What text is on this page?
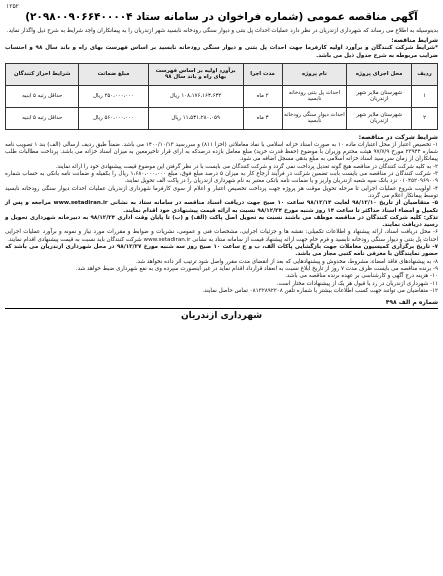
۱۲۵۲
آگهی مناقصه عمومی (شماره فراخوان در سامانه ستاد ۲۰۹۸۰۰۹۰۶۶۴۰۰۰۰۴)

بدینوسیله به اطلاع می رساند که شهرداری ازندریان در نظر دارد عملیات احداث پل بتنی و دیوار سنگی رودخانه نابسید شهر ازندریان را به پیمانکاران واجد شرایط به شرح ذیل واگذار نماید.

شرایط مناقصه:

*شرایط شرکت کنندگان و برآورد اولیه کارفرما جهت احداث پل بتنی و دیوار سنگی رودخانه نابسید بر اساس فهرست بهای راه و باند سال ۹۸ و احتساب ضرایب مربوطه به شرح جدول ذیل می باشد.

ردیف	محل اجرای پروژه	نام پروژه	مدت اجرا	برآورد اولیه بر اساس فهرست بهای راه و باند سال ۹۸	مبلغ ضمانت	شرایط احراز کنندگان
۱	شهرستان ملایر شهر ازندریان	احداث پل بتنی رودخانه نابسید	۲ ماه	۱۰۸،۱۷۶،۱۶۳،۶۳۲ ریال	۲۵۰،۰۰۰،۰۰۰ ریال	حداقل رتبه ۵ ابنیه
۲	شهرستان ملایر شهر ازندریان	احداث دیوار سنگی رودخانه نابسید	۳ ماه	۱۱،۵۳۱،۲۸۰،۰۵۹ ریال	۵۶۰،۰۰۰،۰۰۰ ریال	حداقل رتبه ۵ ابنیه
شرایط شرکت در مناقصه:

۱- تخصیص اعتبار از محل اعتبارات ماده ۱۰ به صورت اسناد خزانه اسلامی با نماد معاملاتی (اخزا ۸۱۱) و سررسید ۱۴۰۰/۱۰/۱۳ می باشد. ضمناً طبق ردیف ارسالی (الف) بند ۱ تصویب نامه شماره ۲۳۹۴۴ مورخ ۹۷/۷/۹ هیئت محترم وزیران با موضوع (حفظ قدرت خرید) مبلغ معامل بازده درصدکه به ارای قرار تاخیرمعین به میزان اسناد خزانه می باشد. پرداخت مطالبات طلب پیمانکاران از زمان سررسید اسناد خزانه اسلامی به مبلغ بدهی مسجل اضافه می شود.

۲- به کلیه شرکت کنندگان در مناقصه هیچ گونه تعدیل پرداخت نمی گردد و شرکت کنندگان می بایست با در نظر گرفتن این موضوع قیمت پیشنهادی خود را ارائه نمایند.

۳- شرکت کنندگان در مناقصه می بایست بابت تضمین شرکت در فرآیند ارجاع کار به میزان ۵ درصد مبلغ فوق، مبلغ ۱،۶۸۰،۰۰۰،۰۰۰ ریال را بکفیله و ضمانت نامه بانکی به حساب شماره ۰۱۰۴۵۲۰۹۶۹۰۰۹ نزد بانک سپه شعبه ازندریان واریز و یا ضمانت نامه بانکی معتبر به نام شهرداری ازندریان را در پاکت الف تحویل نمایند.

۴- اولویت شروع عملیات اجرایی تا مرحله تحویل موقت هر پروژه جهت پرداخت تخصیص اعتبار و اعلام از سوی کارفرما شهرداری ازندریان عملیات احداث دیوار سنگی رودخانه نابسید توسط پیمانکار اعلام می گردد.

۵- متقاضیان از تاریخ ۹۸/۱۲/۱۰ لغایت ۹۸/۱۲/۱۴ ساعت ۱۰ صبح جهت دریافت اسناد مناقصه در سامانه ستاد به نشانی www.setadiran.ir مراجعه و پس از تکمیل و امضاء اسناد حداکثر تا ساعت ۱۴ روز شنبه مورخ ۹۸/۱۲/۲۴ نسبت به ارائه قیمت پیشنهادی خود اقدام نمایند.

تذکر: کلیه شرکت کنندگان در مناقصه موظف می باشند نسبت به تحویل اصل پاکت (الف) و (ب) تا پایان وقت اداری ۹۸/۱۲/۲۴ به دبیرخانه شهرداری تحویل و رسید دریافت نمایند.

۶- محل دریافت اسناد، ارائه پیشنهاد و اطلاعات تکمیلی: نقشه ها و جزئیات اجرایی، مشخصات فنی و عمومی، نشریات و ضوابط و مقررات مورد نیاز و نمونه و برآورد عملیات اجرایی احداث پل بتنی و دیوار سنگی رودخانه نابسید و فرم خام جهت ارائه پیشنهاد قیمت از سامانه ستاد به نشانی www.setadiran.ir شرکت کنندگان باید نسبت به قیمت پیشنهادی اقدام نمایند.

۷- تاریخ برگزاری کمیسیون معاملات جهت بازگشایی پاکات الف، ب و ج ساعت ۱۰ صبح روز سه شنبه مورخ ۹۸/۱۲/۲۷ در محل شهرداری ازندریان می باشد که حضور نمایندگان با معرفی نامه کتبی مجاز می باشد.

۸- به پیشنهادهای فاقد امضاء، مشروط، مخدوش و پیشنهادهایی که بعد از انقضای مدت مقرر واصل شود ترتیب اثر داده نخواهد شد.

۹- برنده مناقصه می بایست ظرف مدت ۷ روز از تاریخ ابلاغ نسبت به انعقاد قرارداد اقدام نماید در غیر اینصورت سپرده وی به نفع شهرداری ضبط خواهد شد.

۱۰- هزینه درج آگهی و کارشناسی بر عهده برنده مناقصه می باشد.

۱۱- شهرداری ازندریان در رد یا قبول هر یک از پیشنهادات مختار است.

۱۲- متقاضیان می توانند جهت کسب اطلاعات بیشتر با شماره تلفن ۰۸۱۳۲۸۹۲۲۰۸ تماس حاصل نمایند.

شماره م الف ۴۹۸
شهرداری ازندریان
